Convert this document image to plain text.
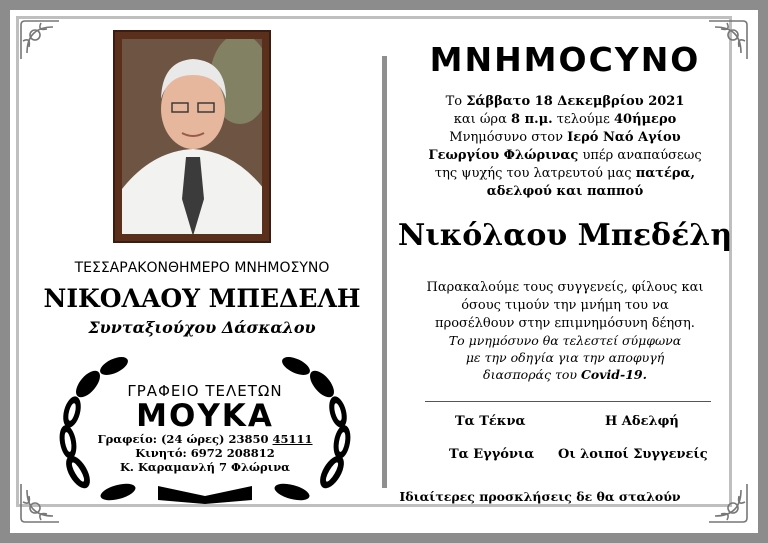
ΤΕΣΣΑΡΑΚΟΝΘΗΜΕΡΟ ΜΝΗΜΟΣΥΝΟ
ΝΙΚΟΛΑΟΥ ΜΠΕΔΕΛΗ
Συνταξιούχου Δάσκαλου
ΓΡΑΦΕΙΟ ΤΕΛΕΤΩΝ
ΜΟΥΚΑ
Γραφείο: (24 ώρες) 23850 45111
Κινητό: 6972 208812
Κ. Καραμανλή 7 Φλώρινα
ΜΝΗΜΟCΥΝΟ
Το Σάββατο 18 Δεκεμβρίου 2021
και ώρα 8 π.μ. τελούμε 40ήμερο
Μνημόσυνο στον Ιερό Ναό Αγίου
Γεωργίου Φλώρινας υπέρ αναπαύσεως
της ψυχής του λατρευτού μας πατέρα,
αδελφού και παππού
Νικόλαου Μπεδέλη
Παρακαλούμε τους συγγενείς, φίλους και
όσους τιμούν την μνήμη του να
προσέλθουν στην επιμνημόσυνη δέηση.
Το μνημόσυνο θα τελεστεί σύμφωνα
με την οδηγία για την αποφυγή
διασποράς του Covid-19.
Τα Τέκνα	Η Αδελφή
Τα Εγγόνια Οι λοιποί Συγγενείς
Ιδιαίτερες προσκλήσεις δε θα σταλούν
